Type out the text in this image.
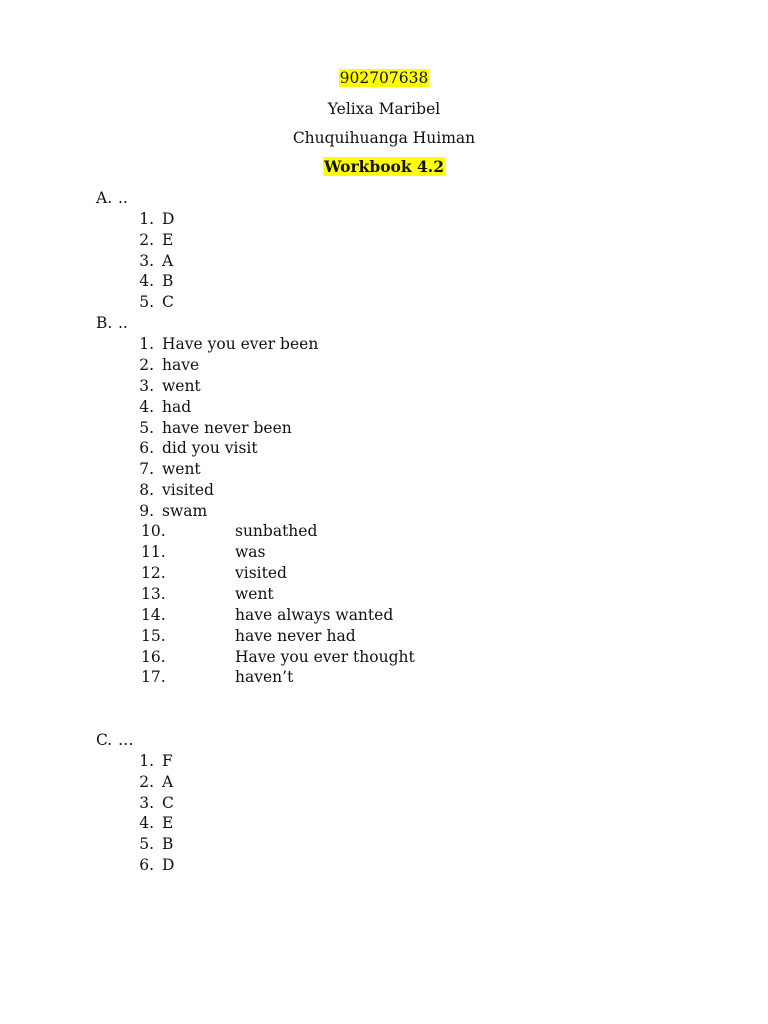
902707638
Yelixa Maribel
Chuquihuanga Huiman
Workbook 4.2
A. ..
1. D
2. E
3. A
4. B
5. C
B. ..
1. Have you ever been
2. have
3. went
4. had
5. have never been
6. did you visit
7. went
8. visited
9. swam
10.	sunbathed
11.	was
12.	visited
13.	went
14.	have always wanted
15.	have never had
16.	Have you ever thought
17.	haven’t
C. …
1. F
2. A
3. C
4. E
5. B
6. D
